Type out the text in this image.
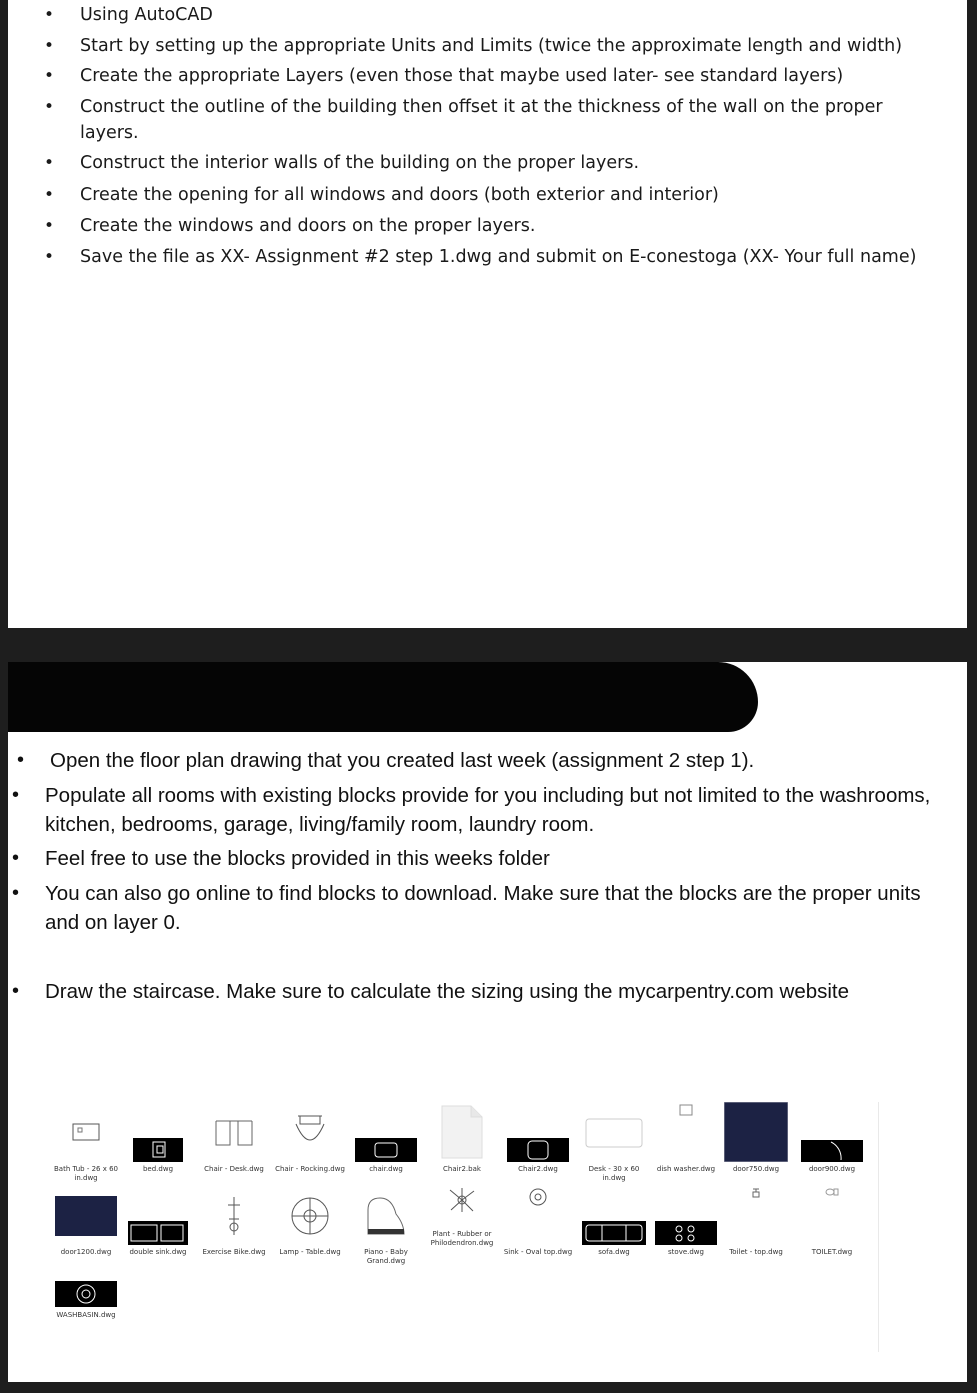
• Using AutoCAD
• Start by setting up the appropriate Units and Limits (twice the approximate length and width)
• Create the appropriate Layers (even those that maybe used later- see standard layers)
• Construct the outline of the building then offset it at the thickness of the wall on the proper layers.
• Construct the interior walls of the building on the proper layers.
• Create the opening for all windows and doors (both exterior and interior)
• Create the windows and doors on the proper layers.
• Save the file as XX- Assignment #2 step 1.dwg and submit on E-conestoga (XX- Your full name)
• Open the floor plan drawing that you created last week (assignment 2 step 1).
• Populate all rooms with existing blocks provide for you including but not limited to the washrooms, kitchen, bedrooms, garage, living/family room, laundry room.
• Feel free to use the blocks provided in this weeks folder
• You can also go online to find blocks to download. Make sure that the blocks are the proper units and on layer 0.
• Draw the staircase. Make sure to calculate the sizing using the mycarpentry.com website
Bath Tub - 26 x 60 in.dwg
bed.dwg	Chair - Desk.dwg	Chair - Rocking.dwg	chair.dwg	Chair2.bak	Chair2.dwg	Desk - 30 x 60 in.dwg
dish washer.dwg	door750.dwg	door900.dwg
door1200.dwg	double sink.dwg	Exercise Bike.dwg	Lamp - Table.dwg	Piano - Baby Grand.dwg
Plant - Rubber or Philodendron.dwg
Sink - Oval top.dwg	sofa.dwg	stove.dwg	Toilet - top.dwg	TOILET.dwg
WASHBASIN.dwg
